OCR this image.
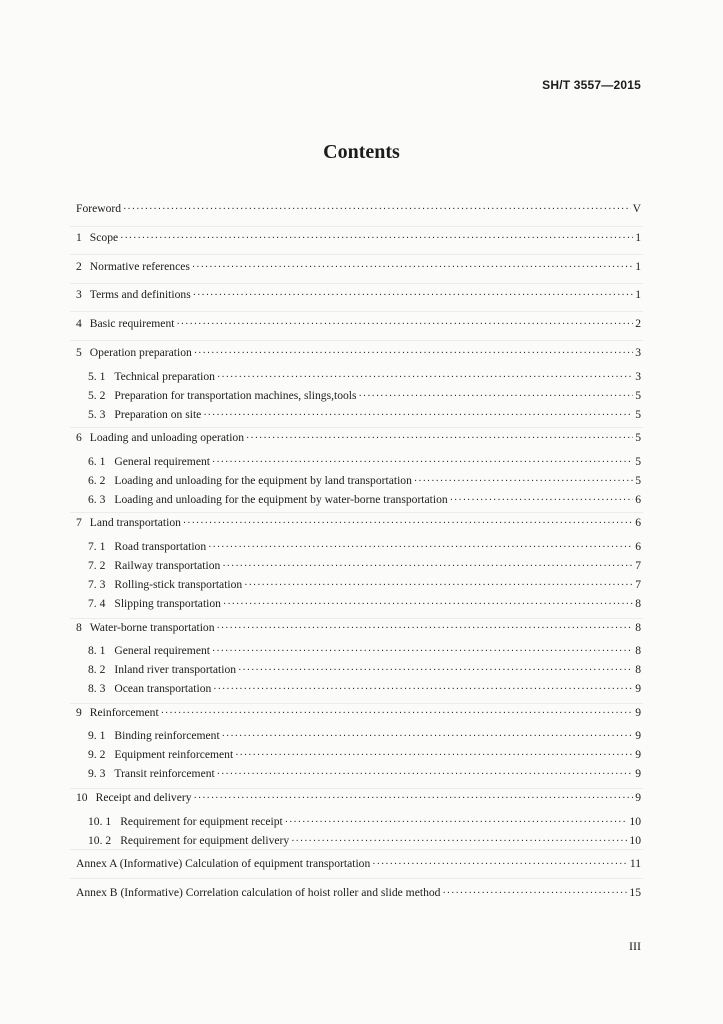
SH/T 3557—2015
Contents
Foreword ·····	V
1 Scope ·····	1
2 Normative references ·····	1
3 Terms and definitions ·····	1
4 Basic requirement ·····	2
5 Operation preparation ·····	3
5. 1 Technical preparation ·····	3
5. 2 Preparation for transportation machines, slings,tools ·····	5
5. 3 Preparation on site ·····	5
6 Loading and unloading operation ·····	5
6. 1 General requirement ·····	5
6. 2 Loading and unloading for the equipment by land transportation ·····	5
6. 3 Loading and unloading for the equipment by water-borne transportation ·····	6
7 Land transportation ·····	6
7. 1 Road transportation ·····	6
7. 2 Railway transportation ·····	7
7. 3 Rolling-stick transportation ·····	7
7. 4 Slipping transportation ·····	8
8 Water-borne transportation ·····	8
8. 1 General requirement ·····	8
8. 2 Inland river transportation ·····	8
8. 3 Ocean transportation ·····	9
9 Reinforcement ·····	9
9. 1 Binding reinforcement ·····	9
9. 2 Equipment reinforcement ·····	9
9. 3 Transit reinforcement ·····	9
10 Receipt and delivery ·····	9
10. 1 Requirement for equipment receipt ·····	10
10. 2 Requirement for equipment delivery ·····	10
Annex A (Informative) Calculation of equipment transportation ·····	11
Annex B (Informative) Correlation calculation of hoist roller and slide method ·····	15
III
